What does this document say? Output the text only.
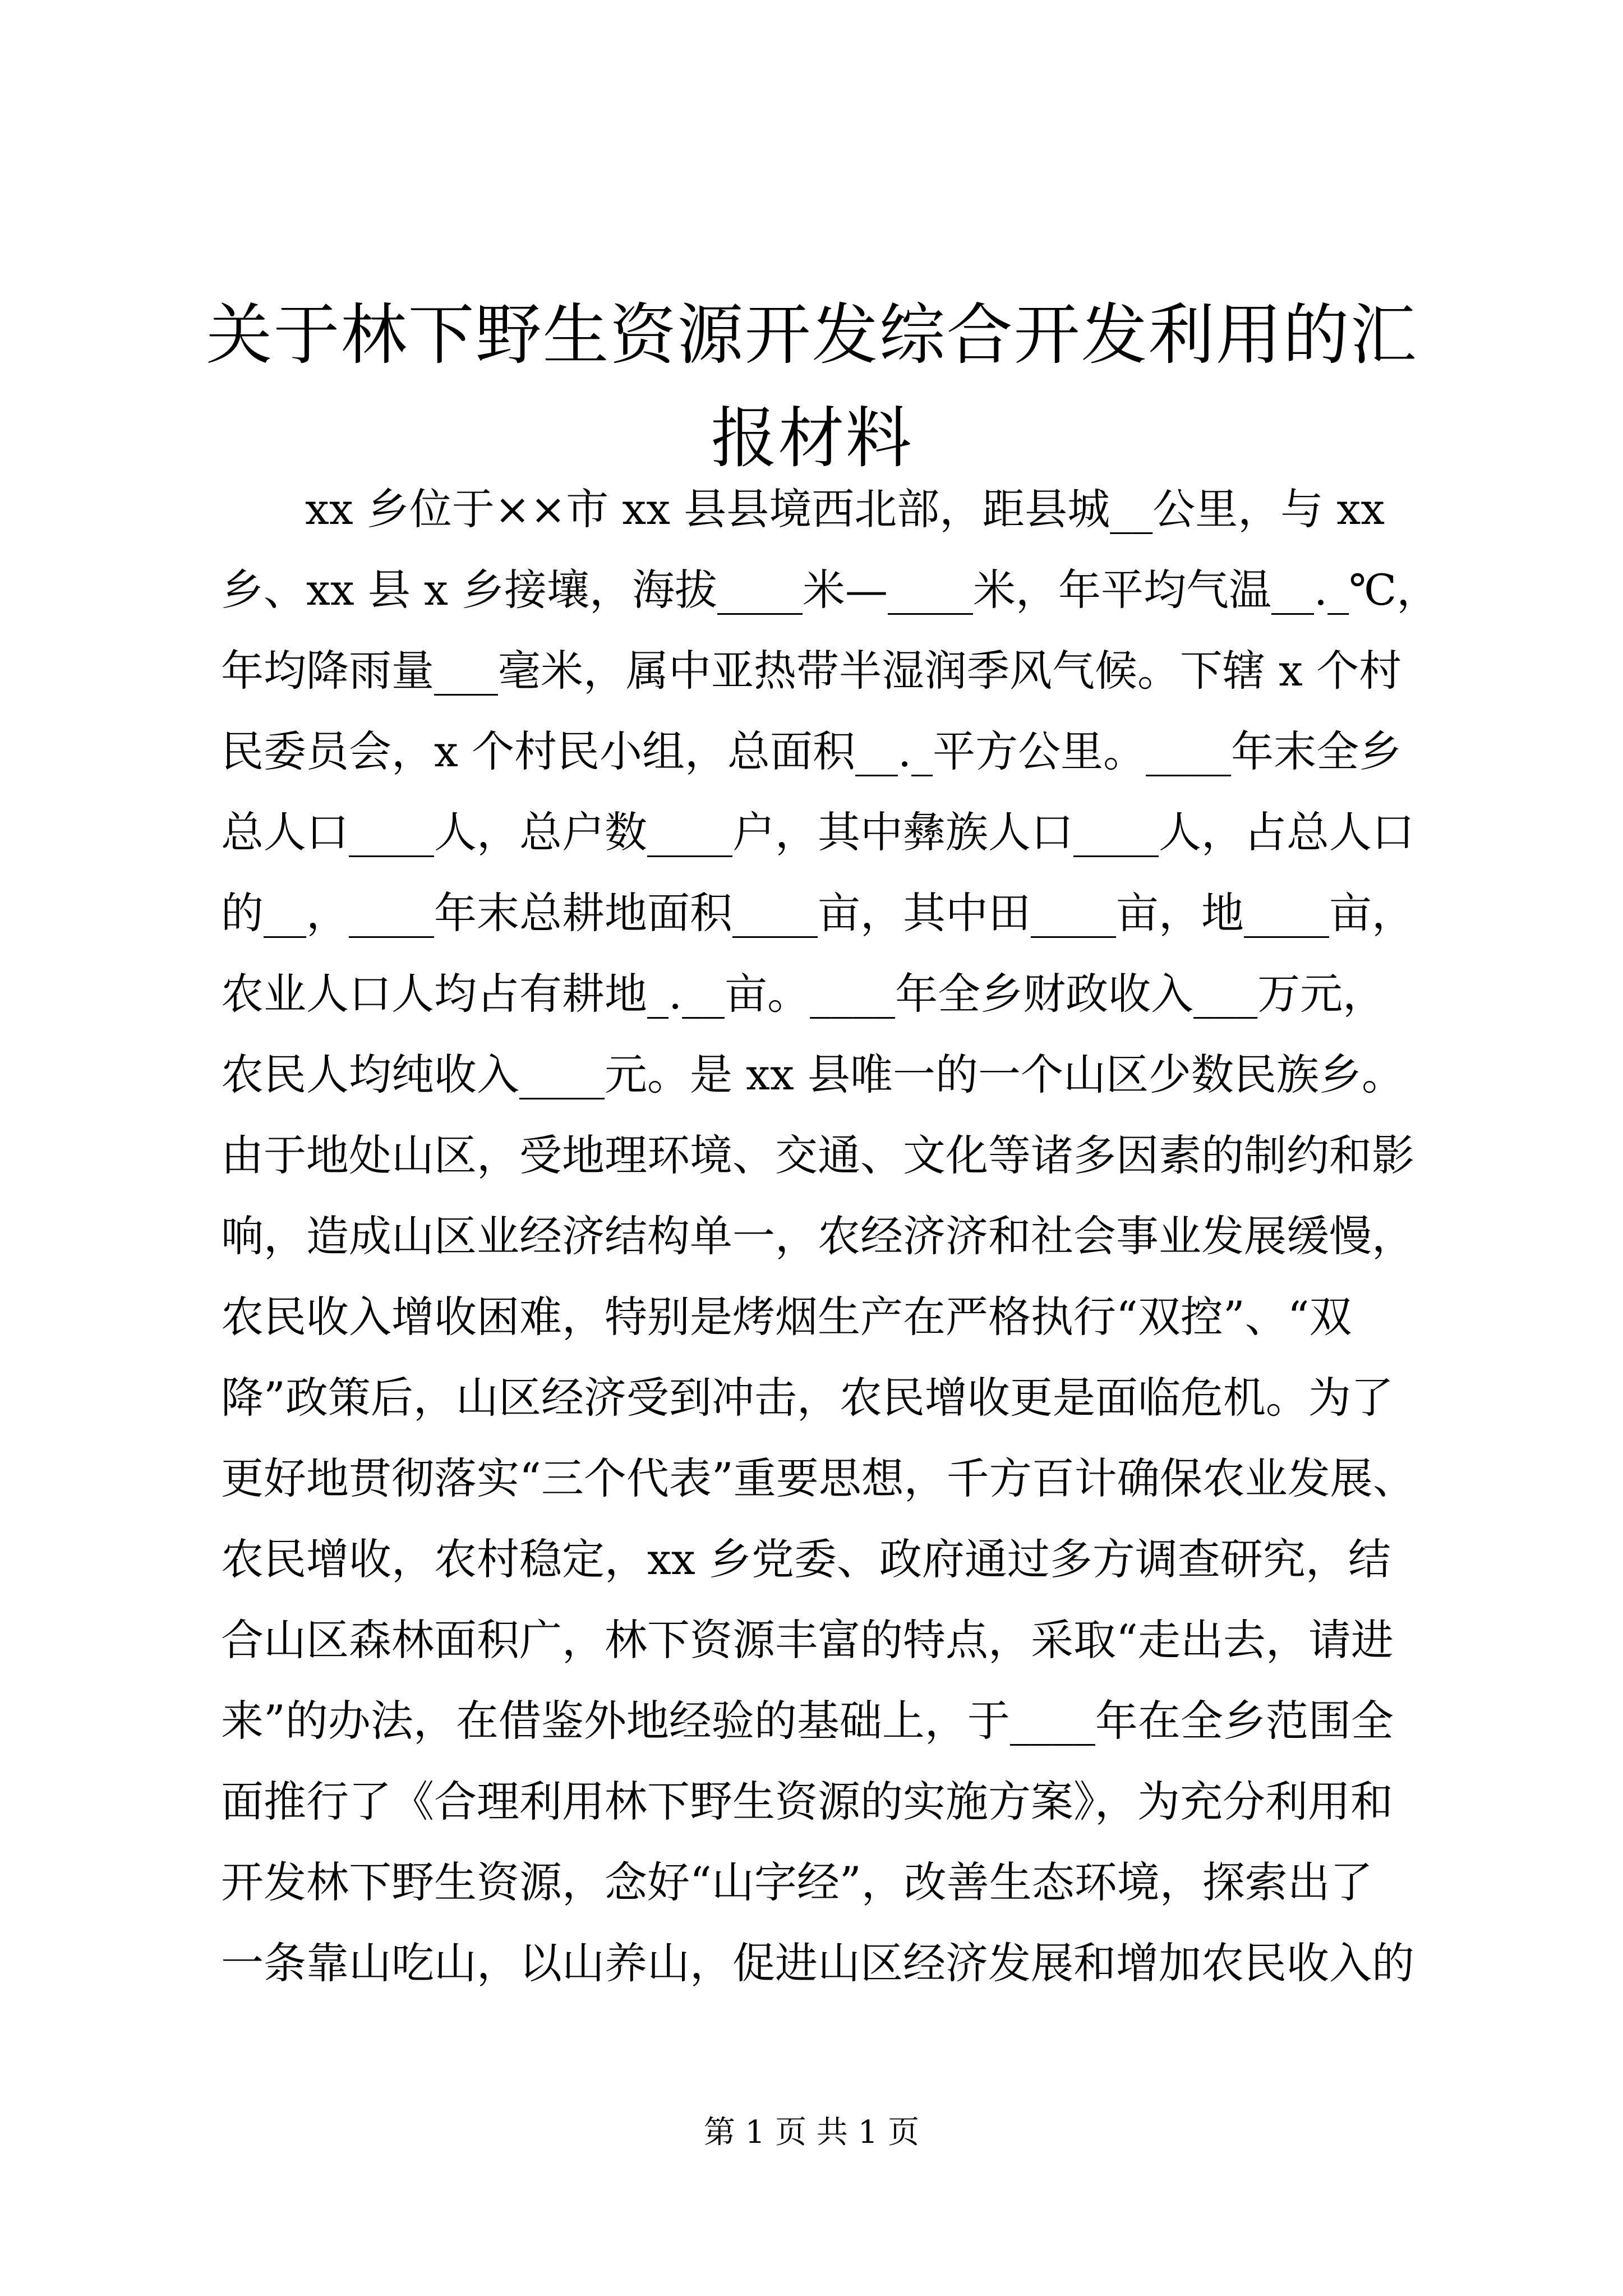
关于林下野生资源开发综合开发利用的汇报材料
xx 乡位于××市 xx 县县境西北部，距县城__公里，与 xx
乡、xx 县 x 乡接壤，海拔____米—____米，年平均气温__._℃，
年均降雨量___毫米，属中亚热带半湿润季风气候。下辖 x 个村
民委员会，x 个村民小组，总面积__._平方公里。____年末全乡
总人口____人，总户数____户，其中彝族人口____人，占总人口
的__，____年末总耕地面积____亩，其中田____亩，地____亩，
农业人口人均占有耕地_.__亩。____年全乡财政收入___万元，
农民人均纯收入____元。是 xx 县唯一的一个山区少数民族乡。
由于地处山区，受地理环境、交通、文化等诸多因素的制约和影
响，造成山区业经济结构单一，农经济济和社会事业发展缓慢，
农民收入增收困难，特别是烤烟生产在严格执行“双控”、“双
降”政策后，山区经济受到冲击，农民增收更是面临危机。为了
更好地贯彻落实“三个代表”重要思想，千方百计确保农业发展、
农民增收，农村稳定，xx 乡党委、政府通过多方调查研究，结
合山区森林面积广，林下资源丰富的特点，采取“走出去，请进
来”的办法，在借鉴外地经验的基础上，于____年在全乡范围全
面推行了《合理利用林下野生资源的实施方案》，为充分利用和
开发林下野生资源，念好“山字经”，改善生态环境，探索出了
一条靠山吃山，以山养山，促进山区经济发展和增加农民收入的
第 1 页 共 1 页
